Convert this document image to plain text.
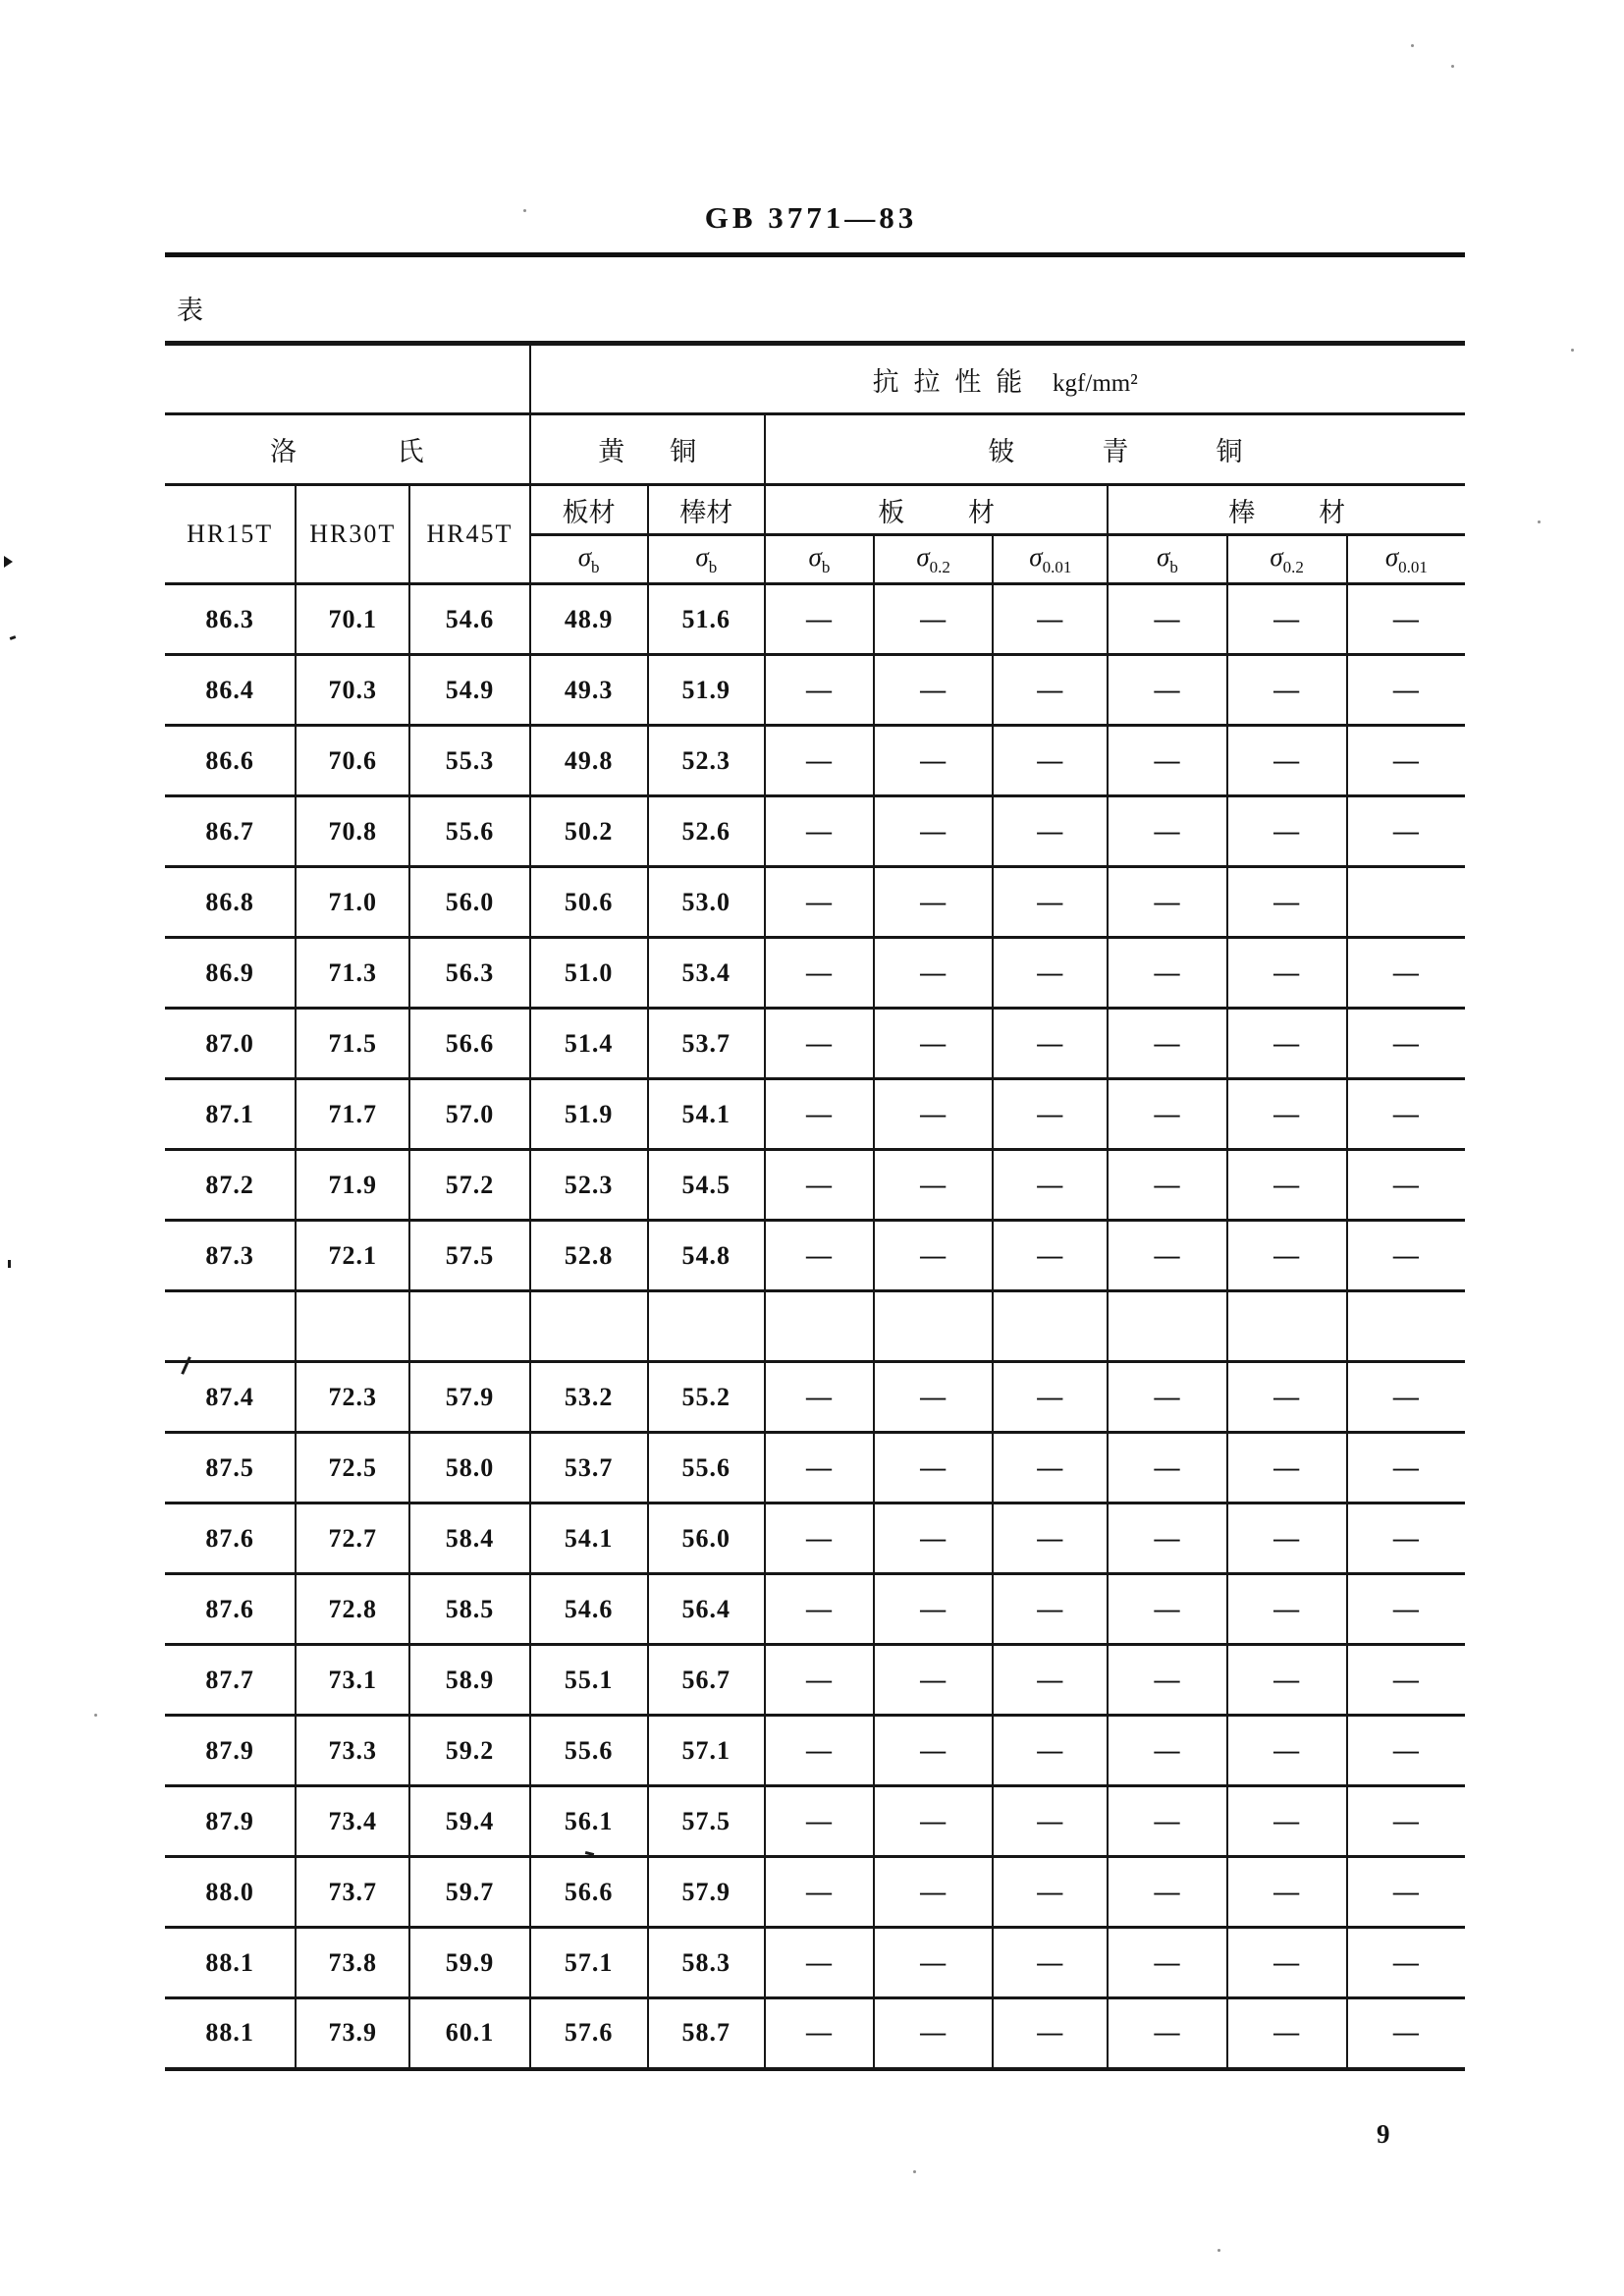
GB 3771—83
表
			抗拉性能 kgf/mm²							
洛氏			黄铜		铍青铜					
HR15T	HR30T	HR45T	板材	棒材	板材			棒材		
			$\sigma_b$	$\sigma_b$	$\sigma_b$	$\sigma_{0.2}$	$\sigma_{0.01}$	$\sigma_b$	$\sigma_{0.2}$	$\sigma_{0.01}$
86.3	70.1	54.6	48.9	51.6	—	—	—	—	—	—
86.4	70.3	54.9	49.3	51.9	—	—	—	—	—	—
86.6	70.6	55.3	49.8	52.3	—	—	—	—	—	—
86.7	70.8	55.6	50.2	52.6	—	—	—	—	—	—
86.8	71.0	56.0	50.6	53.0	—	—	—	—	—	
86.9	71.3	56.3	51.0	53.4	—	—	—	—	—	—
87.0	71.5	56.6	51.4	53.7	—	—	—	—	—	—
87.1	71.7	57.0	51.9	54.1	—	—	—	—	—	—
87.2	71.9	57.2	52.3	54.5	—	—	—	—	—	—
87.3	72.1	57.5	52.8	54.8	—	—	—	—	—	—

87.4	72.3	57.9	53.2	55.2	—	—	—	—	—	—
87.5	72.5	58.0	53.7	55.6	—	—	—	—	—	—
87.6	72.7	58.4	54.1	56.0	—	—	—	—	—	—
87.6	72.8	58.5	54.6	56.4	—	—	—	—	—	—
87.7	73.1	58.9	55.1	56.7	—	—	—	—	—	—
87.9	73.3	59.2	55.6	57.1	—	—	—	—	—	—
87.9	73.4	59.4	56.1	57.5	—	—	—	—	—	—
88.0	73.7	59.7	56.6	57.9	—	—	—	—	—	—
88.1	73.8	59.9	57.1	58.3	—	—	—	—	—	—
88.1	73.9	60.1	57.6	58.7	—	—	—	—	—	—
9
